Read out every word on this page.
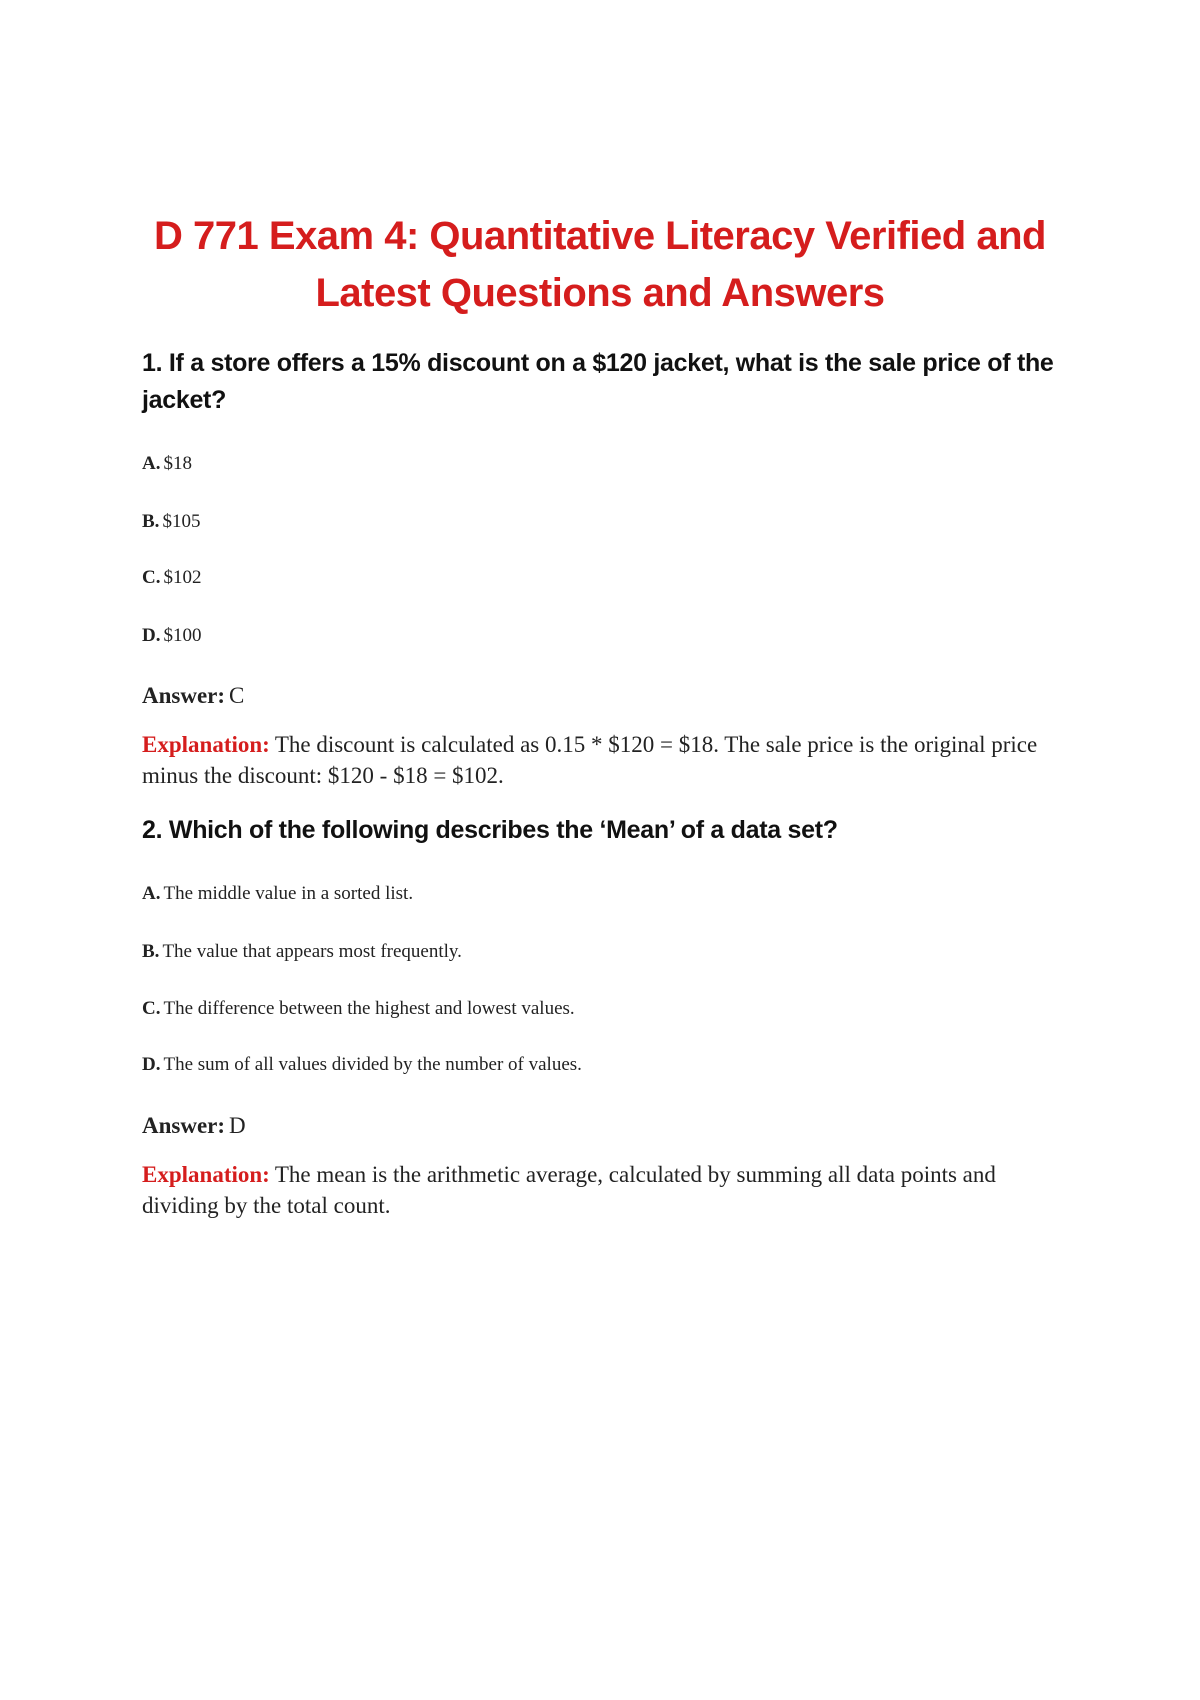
D 771 Exam 4: Quantitative Literacy Verified and Latest Questions and Answers

1. If a store offers a 15% discount on a $120 jacket, what is the sale price of the jacket?

A. $18

B. $105

C. $102

D. $100

Answer: C

Explanation: The discount is calculated as 0.15 * $120 = $18. The sale price is the original price minus the discount: $120 - $18 = $102.

2. Which of the following describes the ‘Mean’ of a data set?

A. The middle value in a sorted list.

B. The value that appears most frequently.

C. The difference between the highest and lowest values.

D. The sum of all values divided by the number of values.

Answer: D

Explanation: The mean is the arithmetic average, calculated by summing all data points and dividing by the total count.
